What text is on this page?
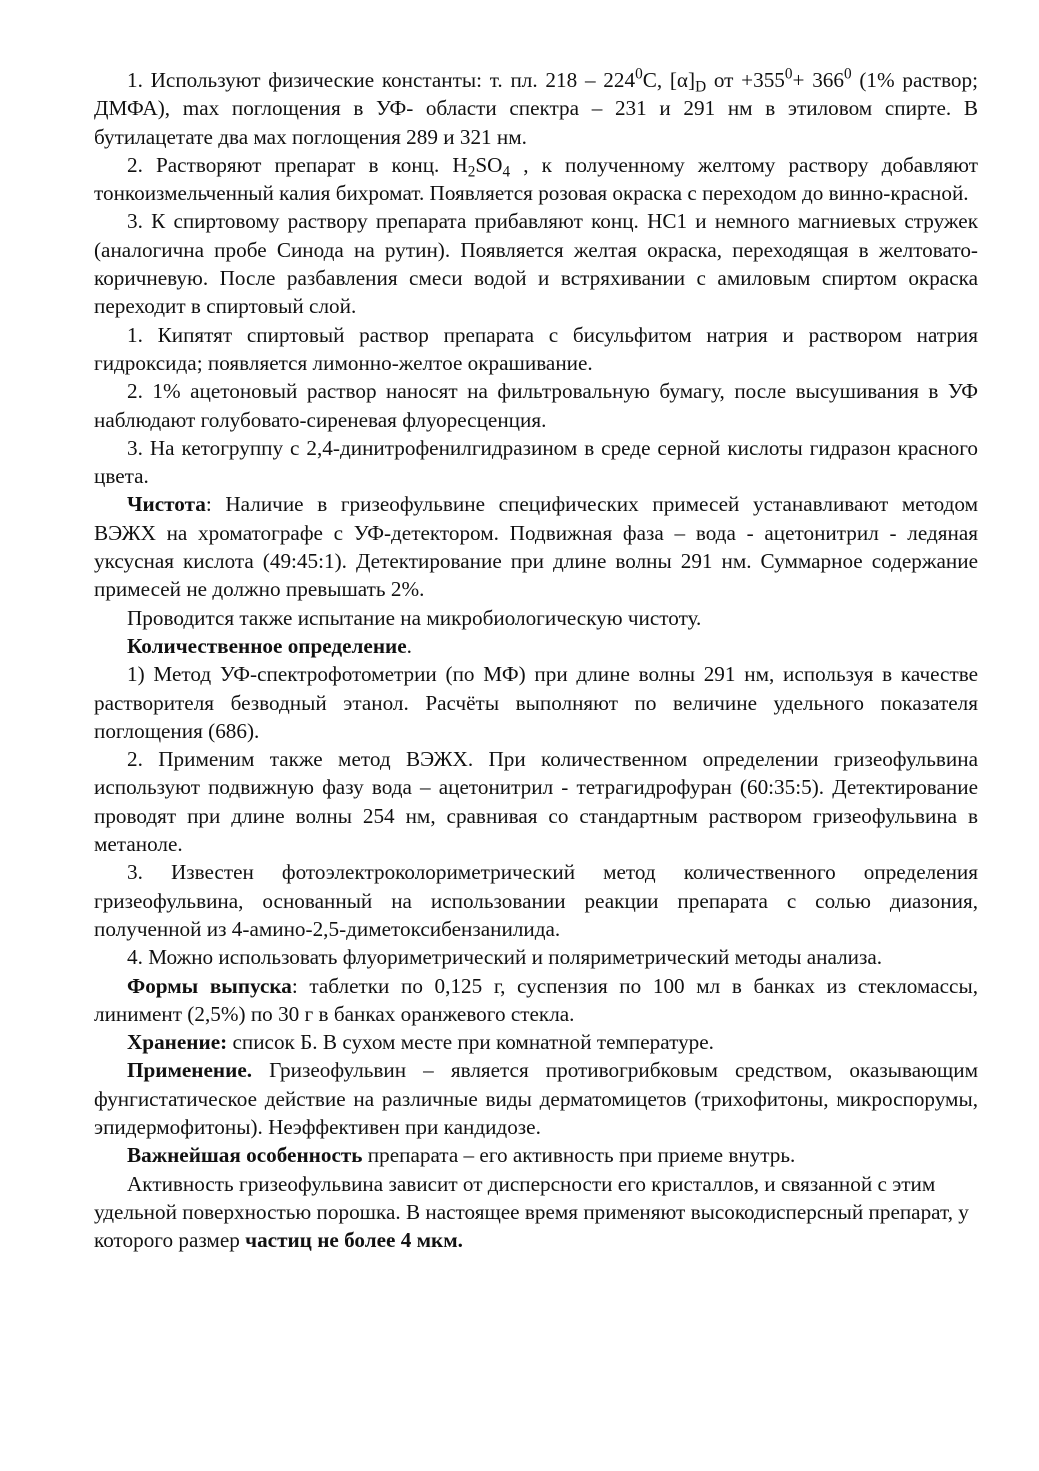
1. Используют физические константы: т. пл. $218 - 224^0С$, $[\alpha]_D$ от $+355^0+ 366^0$ (1% раствор; ДМФА), max поглощения в УФ- области спектра – 231 и 291 нм в этиловом спирте. В бутилацетате два мах поглощения 289 и 321 нм.

2. Растворяют препарат в конц. $H_2SO_4$ , к полученному желтому раствору добавляют тонкоизмельченный калия бихромат. Появляется розовая окраска с переходом до винно-красной.

3. К спиртовому раствору препарата прибавляют конц. НС1 и немного магниевых стружек (аналогична пробе Синода на рутин). Появляется желтая окраска, переходящая в желтовато-коричневую. После разбавления смеси водой и встряхивании с амиловым спиртом окраска переходит в спиртовый слой.

1. Кипятят спиртовый раствор препарата с бисульфитом натрия и раствором натрия гидроксида; появляется лимонно-желтое окрашивание.

2. 1% ацетоновый раствор наносят на фильтровальную бумагу, после высушивания в УФ наблюдают голубовато-сиреневая флуоресценция.

3. На кетогруппу с 2,4-динитрофенилгидразином в среде серной кислоты гидразон красного цвета.

Чистота: Наличие в гризеофульвине специфических примесей устанавливают методом ВЭЖХ на хроматографе с УФ-детектором. Подвижная фаза – вода - ацетонитрил - ледяная уксусная кислота (49:45:1). Детектирование при длине волны 291 нм. Суммарное содержание примесей не должно превышать 2%.

Проводится также испытание на микробиологическую чистоту.

Количественное определение.

1) Метод УФ-спектрофотометрии (по МФ) при длине волны 291 нм, используя в качестве растворителя безводный этанол. Расчёты выполняют по величине удельного показателя поглощения (686).

2. Применим также метод ВЭЖХ. При количественном определении гризеофульвина используют подвижную фазу вода – ацетонитрил - тетрагидрофуран (60:35:5). Детектирование проводят при длине волны 254 нм, сравнивая со стандартным раствором гризеофульвина в метаноле.

3. Известен фотоэлектроколориметрический метод количественного определения гризеофульвина, основанный на использовании реакции препарата с солью диазония, полученной из 4-амино-2,5-диметоксибензанилида.

4. Можно использовать флуориметрический и поляриметрический методы анализа.

Формы выпуска: таблетки по 0,125 г, суспензия по 100 мл в банках из стекломассы, линимент (2,5%) по 30 г в банках оранжевого стекла.

Хранение: список Б. В сухом месте при комнатной температуре.

Применение. Гризеофульвин – является противогрибковым средством, оказывающим фунгистатическое действие на различные виды дерматомицетов (трихофитоны, микроспорумы, эпидермофитоны). Неэффективен при кандидозе.

Важнейшая особенность препарата – его активность при приеме внутрь.

Активность гризеофульвина зависит от дисперсности его кристаллов, и связанной с этим удельной поверхностью порошка. В настоящее время применяют высокодисперсный препарат, у которого размер частиц не более 4 мкм.
